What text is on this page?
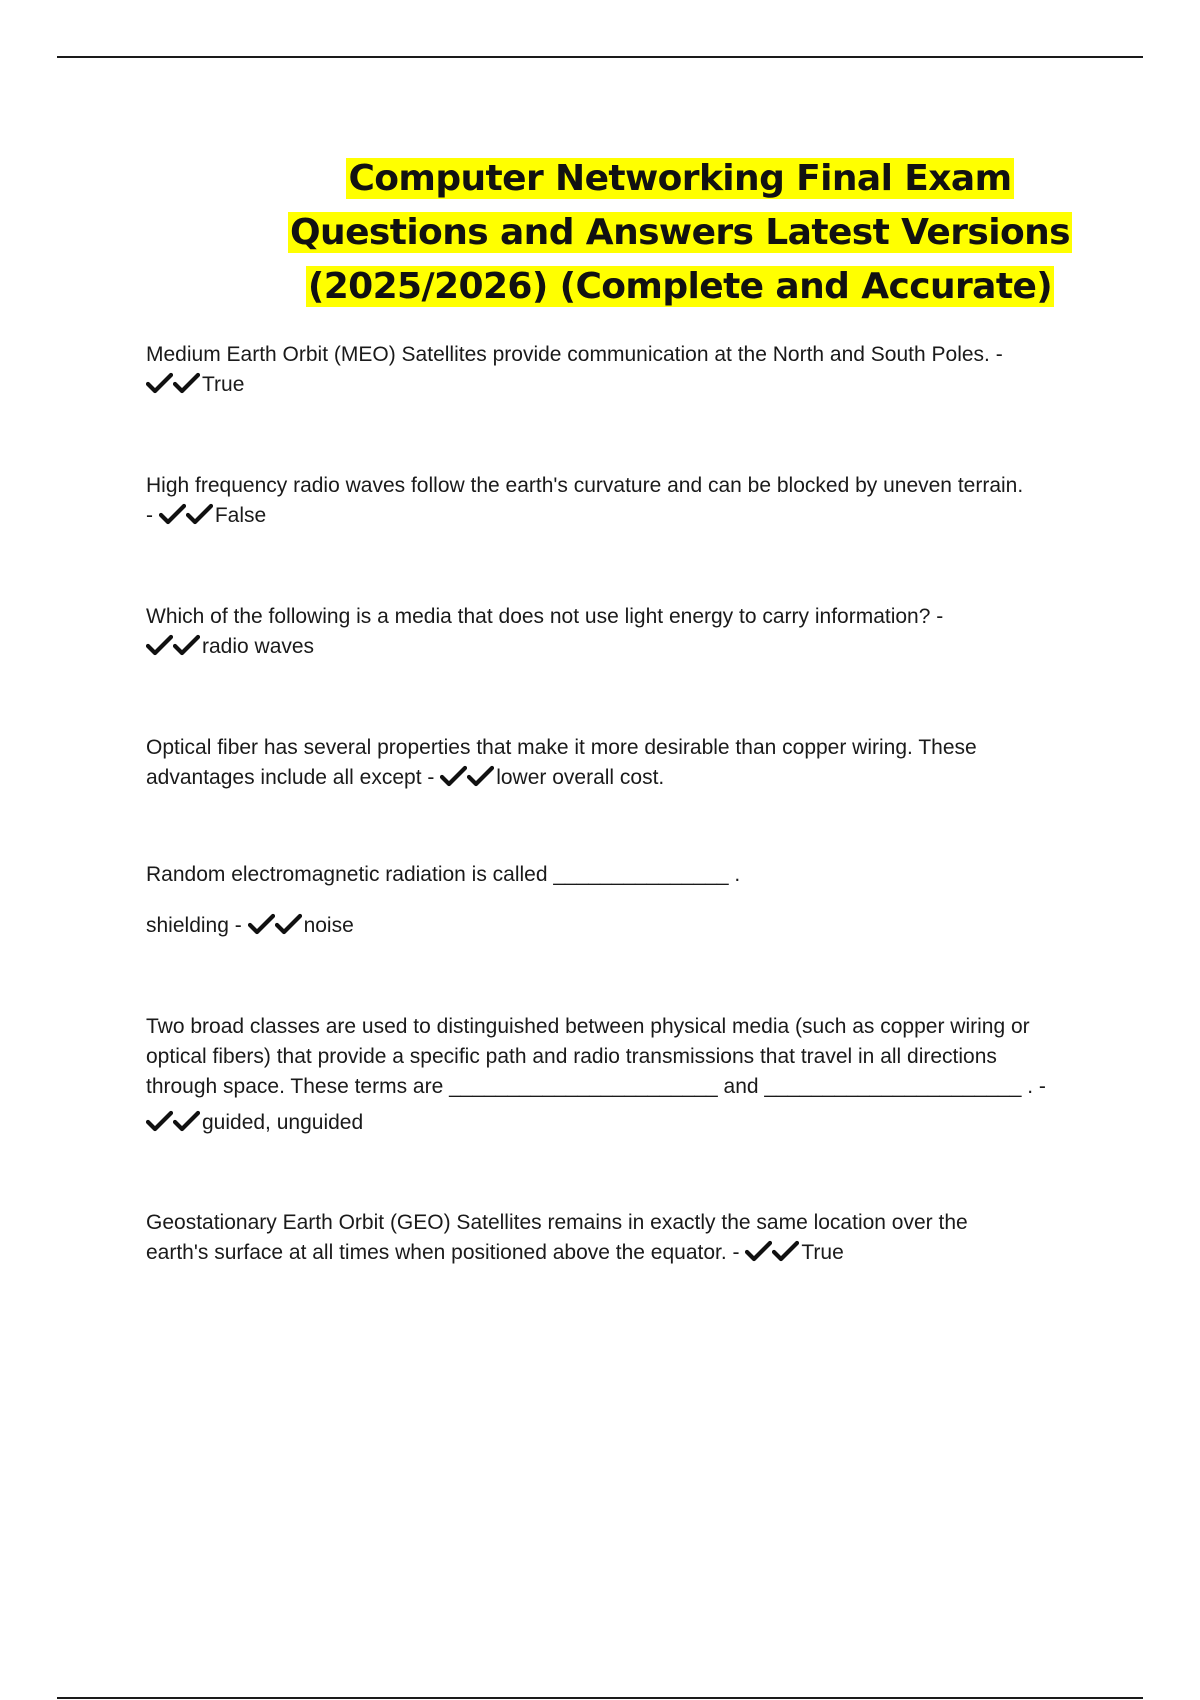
Computer Networking Final Exam
Questions and Answers Latest Versions
(2025/2026) (Complete and Accurate)
Medium Earth Orbit (MEO) Satellites provide communication at the North and South Poles. -
True
High frequency radio waves follow the earth's curvature and can be blocked by uneven terrain.
-	False
Which of the following is a media that does not use light energy to carry information? -
radio waves
Optical fiber has several properties that make it more desirable than copper wiring. These
advantages include all except -	lower overall cost.
Random electromagnetic radiation is called _______________ .
shielding -	noise
Two broad classes are used to distinguished between physical media (such as copper wiring or
optical fibers) that provide a specific path and radio transmissions that travel in all directions
through space. These terms are _______________________ and ______________________ . -
guided, unguided
Geostationary Earth Orbit (GEO) Satellites remains in exactly the same location over the
earth's surface at all times when positioned above the equator. -	True
